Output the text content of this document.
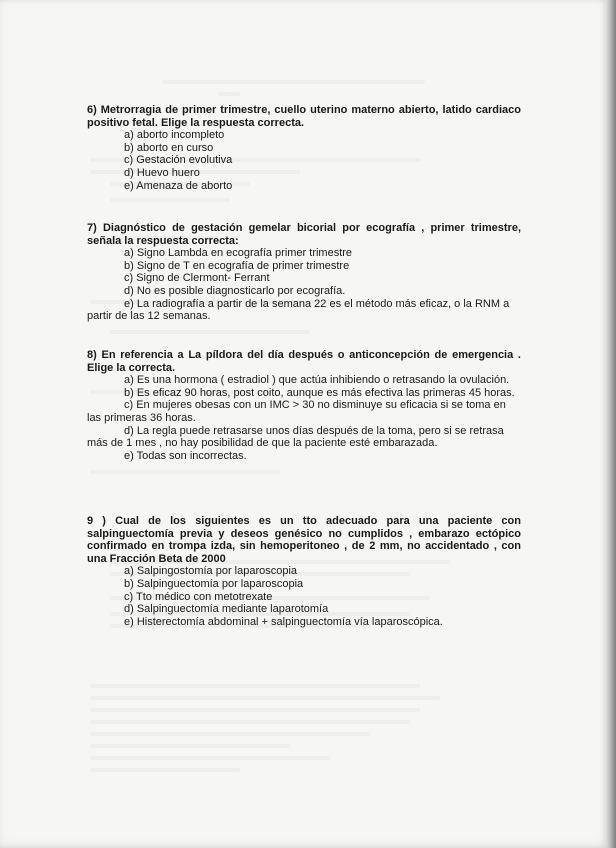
6) Metrorragia de primer trimestre, cuello uterino materno abierto, latido cardiaco positivo fetal. Elige la respuesta correcta.

a) aborto incompleto

b) aborto en curso

c) Gestación evolutiva

d) Huevo huero

e) Amenaza de aborto

7) Diagnóstico de gestación gemelar bicorial por ecografía , primer trimestre, señala la respuesta correcta:

a) Signo Lambda en ecografía primer trimestre

b) Signo de T en ecografía de primer trimestre

c) Signo de Clermont- Ferrant

d) No es posible diagnosticarlo por ecografía.

e) La radiografía a partir de la semana 22 es el método más eficaz, o la RNM a partir de las 12 semanas.

8) En referencia a La píldora del día después o anticoncepción de emergencia . Elige la correcta.

a) Es una hormona ( estradiol ) que actúa inhibiendo o retrasando la ovulación.

b) Es eficaz 90 horas, post coito, aunque es más efectiva las primeras 45 horas.

c) En mujeres obesas con un IMC > 30 no disminuye su eficacia si se toma en las primeras 36 horas.

d) La regla puede retrasarse unos días después de la toma, pero si se retrasa más de 1 mes , no hay posibilidad de que la paciente esté embarazada.

e) Todas son incorrectas.

9 ) Cual de los siguientes es un tto adecuado para una paciente con salpinguectomía previa y deseos genésico no cumplidos , embarazo ectópico confirmado en trompa izda, sin hemoperitoneo , de 2 mm, no accidentado , con una Fracción Beta de 2000

a) Salpingostomía por laparoscopia

b) Salpinguectomía por laparoscopia

c) Tto médico con metotrexate

d) Salpinguectomía mediante laparotomía

e) Histerectomía abdominal + salpinguectomía vía laparoscópica.
